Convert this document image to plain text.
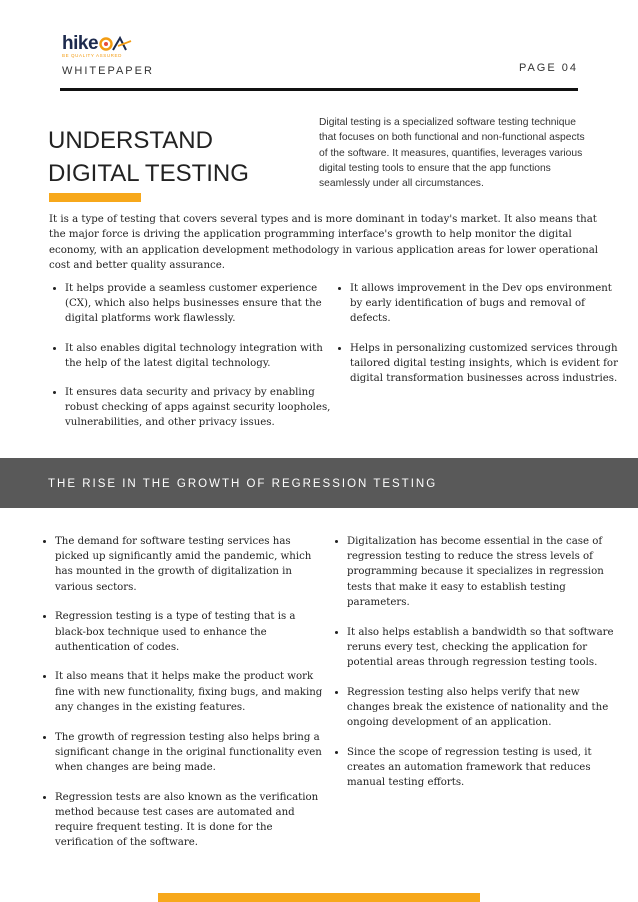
hike
BE QUALITY ASSURED
WHITEPAPER	PAGE 04
UNDERSTAND
DIGITAL TESTING
Digital testing is a specialized software testing technique that focuses on both functional and non-functional aspects of the software. It measures, quantifies, leverages various digital testing tools to ensure that the app functions seamlessly under all circumstances.
It is a type of testing that covers several types and is more dominant in today's market. It also means that the major force is driving the application programming interface's growth to help monitor the digital economy, with an application development methodology in various application areas for lower operational cost and better quality assurance.
• It helps provide a seamless customer experience (CX), which also helps businesses ensure that the digital platforms work flawlessly.
• It also enables digital technology integration with the help of the latest digital technology.
• It ensures data security and privacy by enabling robust checking of apps against security loopholes, vulnerabilities, and other privacy issues.
• It allows improvement in the Dev ops environment by early identification of bugs and removal of defects.
• Helps in personalizing customized services through tailored digital testing insights, which is evident for digital transformation businesses across industries.
THE RISE IN THE GROWTH OF REGRESSION TESTING
• The demand for software testing services has picked up significantly amid the pandemic, which has mounted in the growth of digitalization in various sectors.
• Regression testing is a type of testing that is a black-box technique used to enhance the authentication of codes.
• It also means that it helps make the product work fine with new functionality, fixing bugs, and making any changes in the existing features.
• The growth of regression testing also helps bring a significant change in the original functionality even when changes are being made.
• Regression tests are also known as the verification method because test cases are automated and require frequent testing. It is done for the verification of the software.
• Digitalization has become essential in the case of regression testing to reduce the stress levels of programming because it specializes in regression tests that make it easy to establish testing parameters.
• It also helps establish a bandwidth so that software reruns every test, checking the application for potential areas through regression testing tools.
• Regression testing also helps verify that new changes break the existence of nationality and the ongoing development of an application.
• Since the scope of regression testing is used, it creates an automation framework that reduces manual testing efforts.
